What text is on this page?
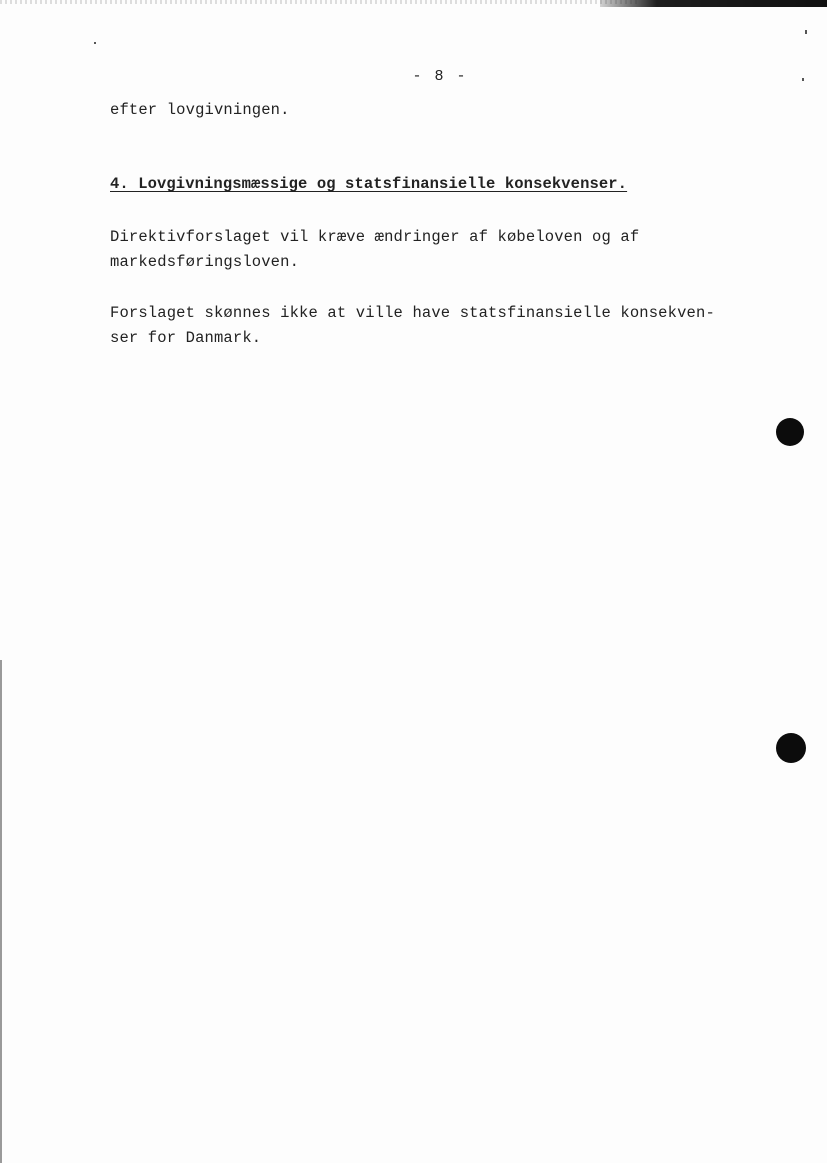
- 8 -
efter lovgivningen.
4. Lovgivningsmæssige og statsfinansielle konsekvenser.
Direktivforslaget vil kræve ændringer af købeloven og af
markedsføringsloven.
Forslaget skønnes ikke at ville have statsfinansielle konsekven-
ser for Danmark.
